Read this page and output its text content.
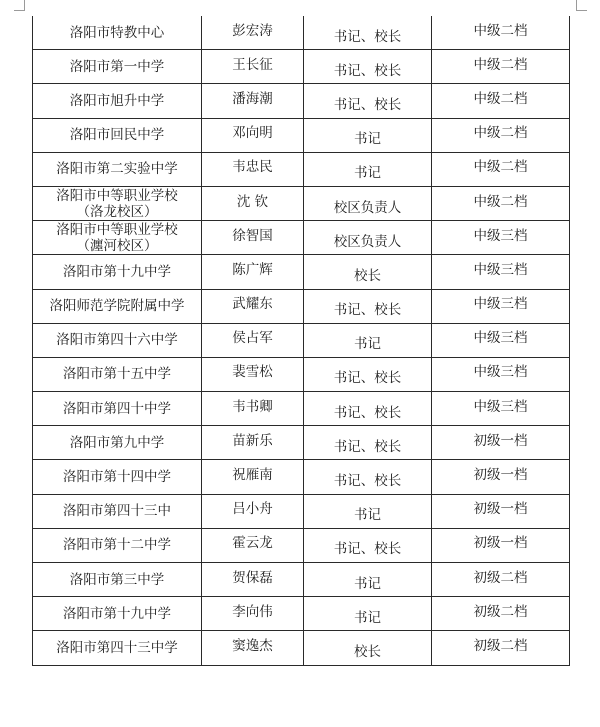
洛阳市特教中心	彭宏涛	书记、校长	中级二档

洛阳市第一中学	王长征	书记、校长	中级二档

洛阳市旭升中学	潘海潮	书记、校长	中级二档

洛阳市回民中学	邓向明	书记	中级二档

洛阳市第二实验中学	韦忠民	书记	中级二档

洛阳市中等职业学校
（洛龙校区）	沈 钦	校区负责人	中级二档

洛阳市中等职业学校
（瀍河校区）	徐智国	校区负责人	中级三档

洛阳市第十九中学	陈广辉	校长	中级三档

洛阳师范学院附属中学	武耀东	书记、校长	中级三档

洛阳市第四十六中学	侯占军	书记	中级三档

洛阳市第十五中学	裴雪松	书记、校长	中级三档

洛阳市第四十中学	韦书卿	书记、校长	中级三档

洛阳市第九中学	苗新乐	书记、校长	初级一档

洛阳市第十四中学	祝雁南	书记、校长	初级一档

洛阳市第四十三中	吕小舟	书记	初级一档

洛阳市第十二中学	霍云龙	书记、校长	初级一档

洛阳市第三中学	贺保磊	书记	初级二档

洛阳市第十九中学	李向伟	书记	初级二档

洛阳市第四十三中学	窦逸杰	校长	初级二档
